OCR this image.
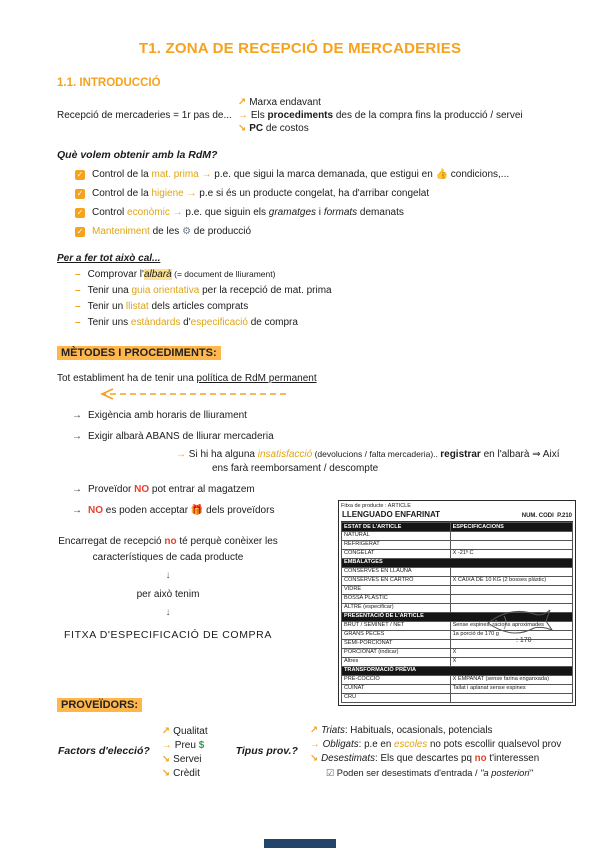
T1. ZONA DE RECEPCIÓ DE MERCADERIES
1.1. INTRODUCCIÓ
Recepció de mercaderies = 1r pas de...
↗ Marxa endavant
→ Els procediments des de la compra fins la producció / servei
↘ PC de costos
Què volem obtenir amb la RdM?
✓ Control de la mat. prima → p.e. que sigui la marca demanada, que estigui en 👍 condicions,...
✓ Control de la higiene → p.e si és un producte congelat, ha d'arribar congelat
✓ Control econòmic → p.e. que siguin els gramatges i formats demanats
✓ Manteniment de les ⚙ de producció
Per a fer tot això cal...
– Comprovar l'albarà (= document de lliurament)
– Tenir una guia orientativa per la recepció de mat. prima
– Tenir un llistat dels articles comprats
– Tenir uns estàndards d'especificació de compra
MÈTODES I PROCEDIMENTS:
Tot establiment ha de tenir una política de RdM permanent
→ Exigència amb horaris de lliurament
→ Exigir albarà ABANS de lliurar mercaderia
→ Si hi ha alguna insatisfacció (devolucions / falta mercaderia).. registrar en l'albarà ⇒ Així
ens farà reemborsament / descompte
→ Proveïdor NO pot entrar al magatzem
→ NO es poden acceptar 🎁 dels proveïdors
Encarregat de recepció no té perquè conèixer les
característiques de cada producte
↓
per això tenim
↓
FITXA D'ESPECIFICACIÓ DE COMPRA
Fitxa de producte : ARTICLE
LLENGUADO ENFARINAT	NUM. CODI P.210
ESTAT DE L'ARTICLE	ESPECIFICACIONS
NATURAL	
REFRIGERAT	
CONGELAT	X -21º C
EMBALATGES	
CONSERVES EN LLAUNA	
CONSERVES EN CARTRÓ	X CAIXA DE 10 KG (2 bosses plàstic)
VIDRE	
BOSSA PLÀSTIC	
ALTRE (especificar)	
PRESENTACIÓ DE L'ARTICLE	
BRUT / SEMINET / NET	Sense espines, racions aproximades
GRANS PECES	1a porció de 170 g
SEMI-PORCIONAT	
PORCIONAT (indicar)	X
Altres	X
TRANSFORMACIÓ PRÈVIA	
PRE-COCCIÓ	X EMPANAT (sense farina enganxada)
CUINAT	Tallat i aplanat sense espines
CRU	
: 170
PROVEÏDORS:
Factors d'elecció?
↗ Qualitat
→ Preu $
↘ Servei
↘ Crèdit
Tipus prov.?
↗ Triats: Habituals, ocasionals, potencials
→ Obligats: p.e en escoles no pots escollir qualsevol prov
↘ Desestimats: Els que descartes pq no t'interessen
☑ Poden ser desestimats d'entrada / "a posteriori"
